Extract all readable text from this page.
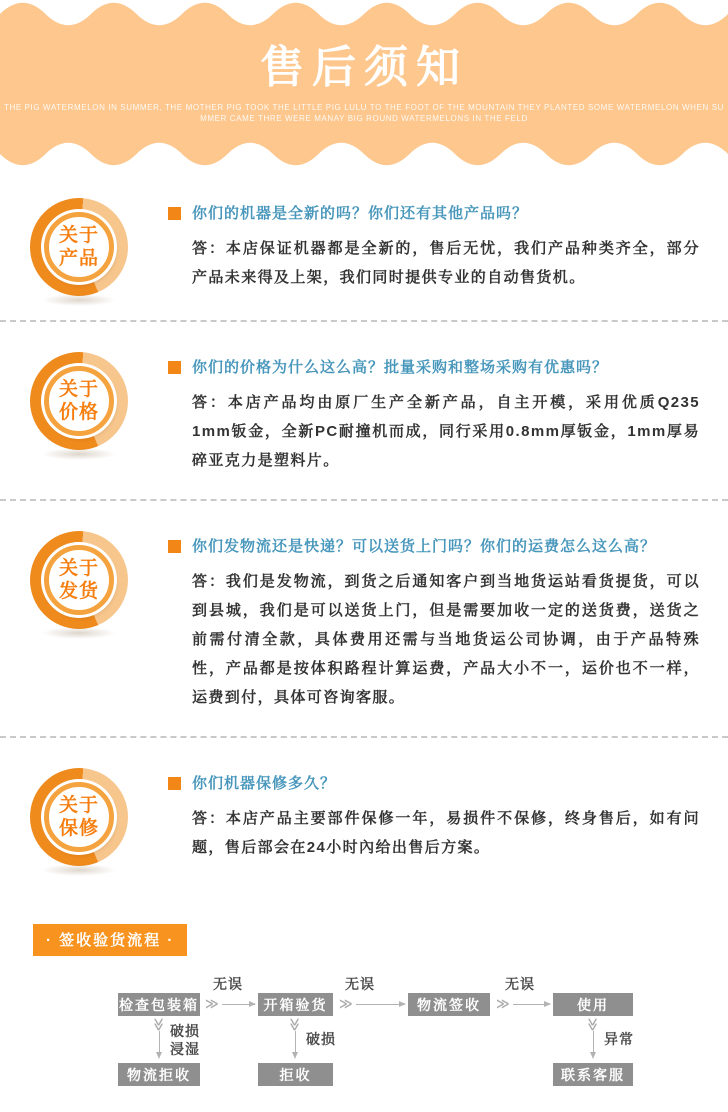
售后须知
THE PIG WATERMELON IN SUMMER, THE MOTHER PIG TOOK THE LITTLE PIG LULU TO THE FOOT OF THE MOUNTAIN THEY PLANTED SOME WATERMELON WHEN SU
MMER CAME THRE WERE MANAY BIG ROUND WATERMELONS IN THE FELD
关于
产品
你们的机器是全新的吗？你们还有其他产品吗？
答：本店保证机器都是全新的，售后无忧，我们产品种类齐全，部分产品未来得及上架，我们同时提供专业的自动售货机。
关于
价格
你们的价格为什么这么高？批量采购和整场采购有优惠吗？
答：本店产品均由原厂生产全新产品，自主开模，采用优质Q235 1mm钣金，全新PC耐撞机而成，同行采用0.8mm厚钣金，1mm厚易碎亚克力是塑料片。
关于
发货
你们发物流还是快递？可以送货上门吗？你们的运费怎么这么高？
答：我们是发物流，到货之后通知客户到当地货运站看货提货，可以到县城，我们是可以送货上门，但是需要加收一定的送货费，送货之前需付清全款，具体费用还需与当地货运公司协调，由于产品特殊性，产品都是按体积路程计算运费，产品大小不一，运价也不一样，运费到付，具体可咨询客服。
关于
保修
你们机器保修多久？
答：本店产品主要部件保修一年，易损件不保修，终身售后，如有问题，售后部会在24小时內给出售后方案。
· 签收验货流程 ·
无误	无误	无误
检查包装箱	开箱验货	物流签收	使用
≫	≫	≫
≫	≫	≫
破损
浸湿
破损	异常
物流拒收	拒收	联系客服
